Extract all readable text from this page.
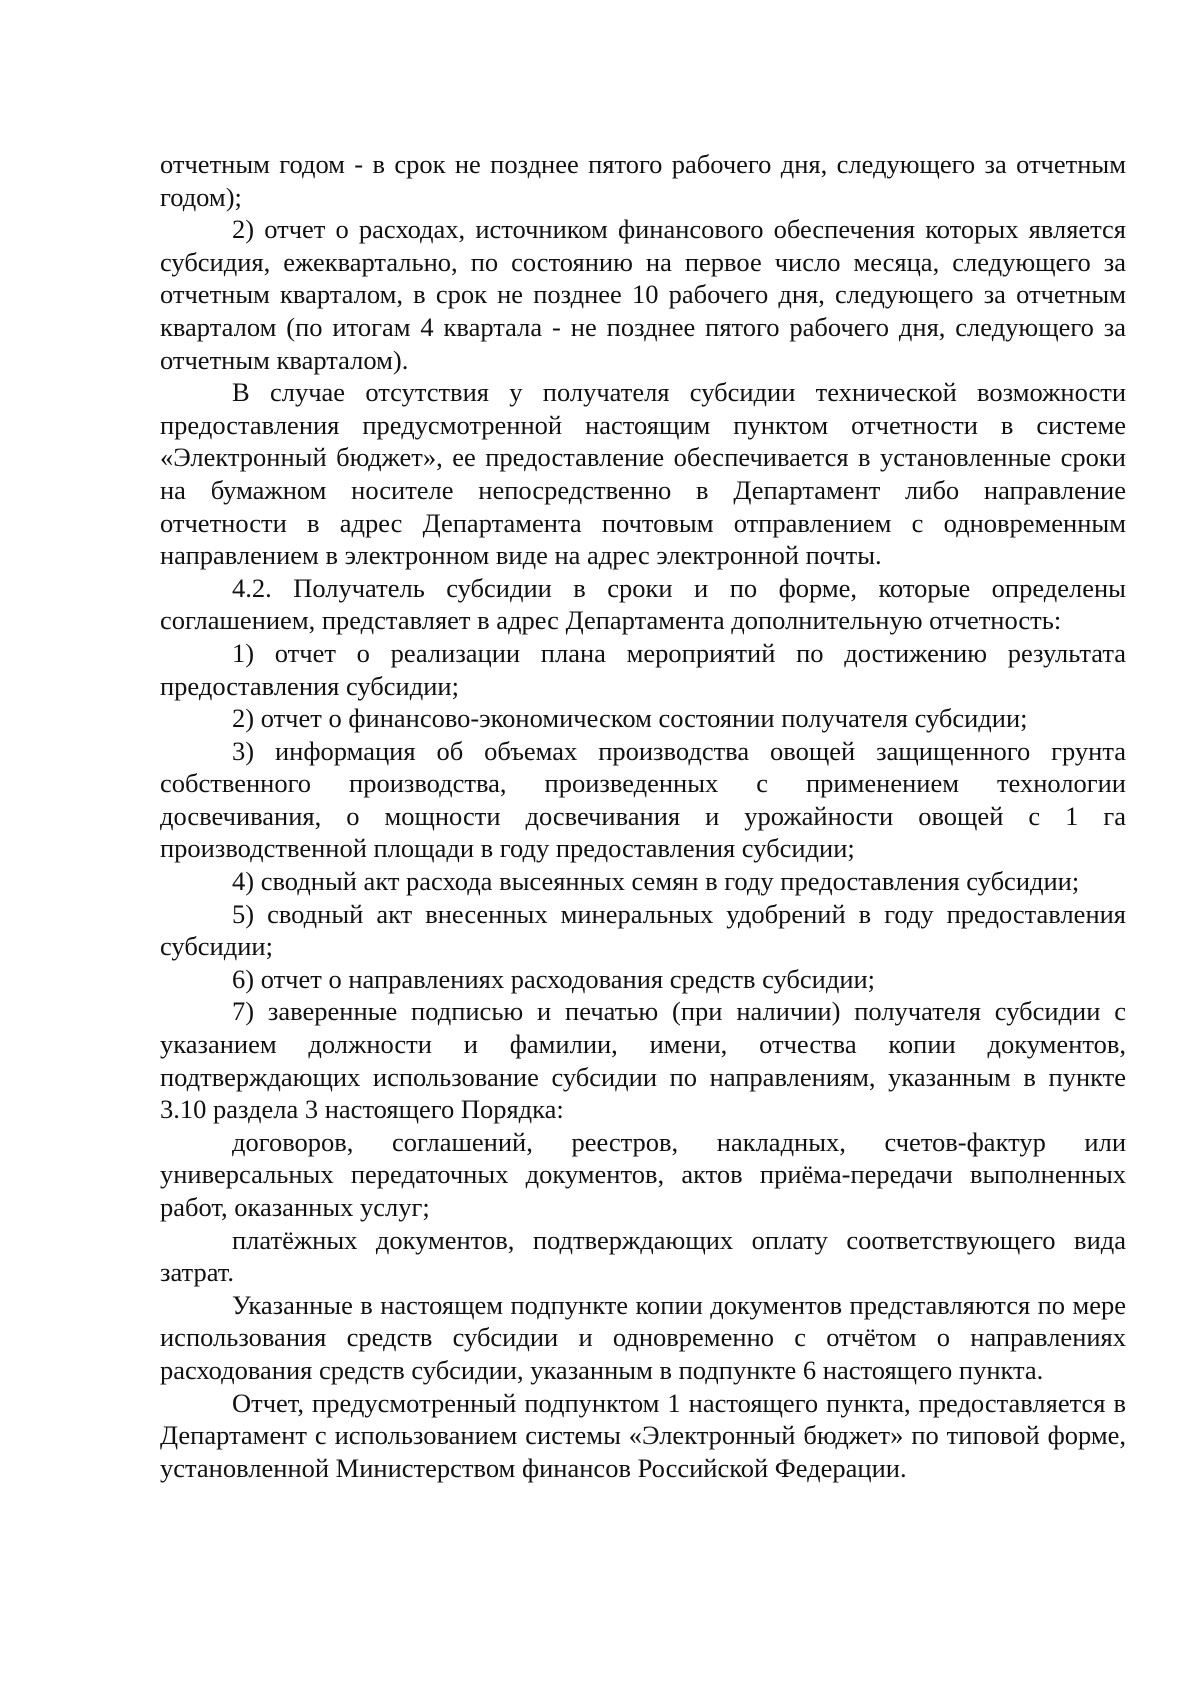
отчетным годом - в срок не позднее пятого рабочего дня, следующего за отчетным годом);

2) отчет о расходах, источником финансового обеспечения которых является субсидия, ежеквартально, по состоянию на первое число месяца, следующего за отчетным кварталом, в срок не позднее 10 рабочего дня, следующего за отчетным кварталом (по итогам 4 квартала - не позднее пятого рабочего дня, следующего за отчетным кварталом).

В случае отсутствия у получателя субсидии технической возможности предоставления предусмотренной настоящим пунктом отчетности в системе «Электронный бюджет», ее предоставление обеспечивается в установленные сроки на бумажном носителе непосредственно в Департамент либо направление отчетности в адрес Департамента почтовым отправлением с одновременным направлением в электронном виде на адрес электронной почты.

4.2. Получатель субсидии в сроки и по форме, которые определены соглашением, представляет в адрес Департамента дополнительную отчетность:

1) отчет о реализации плана мероприятий по достижению результата предоставления субсидии;

2) отчет о финансово-экономическом состоянии получателя субсидии;

3) информация об объемах производства овощей защищенного грунта собственного производства, произведенных с применением технологии досвечивания, о мощности досвечивания и урожайности овощей с 1 га производственной площади в году предоставления субсидии;

4) сводный акт расхода высеянных семян в году предоставления субсидии;

5) сводный акт внесенных минеральных удобрений в году предоставления субсидии;

6) отчет о направлениях расходования средств субсидии;

7) заверенные подписью и печатью (при наличии) получателя субсидии с указанием должности и фамилии, имени, отчества копии документов, подтверждающих использование субсидии по направлениям, указанным в пункте 3.10 раздела 3 настоящего Порядка:

договоров, соглашений, реестров, накладных, счетов-фактур или универсальных передаточных документов, актов приёма-передачи выполненных работ, оказанных услуг;

платёжных документов, подтверждающих оплату соответствующего вида затрат.

Указанные в настоящем подпункте копии документов представляются по мере использования средств субсидии и одновременно с отчётом о направлениях расходования средств субсидии, указанным в подпункте 6 настоящего пункта.

Отчет, предусмотренный подпунктом 1 настоящего пункта, предоставляется в Департамент с использованием системы «Электронный бюджет» по типовой форме, установленной Министерством финансов Российской Федерации.
